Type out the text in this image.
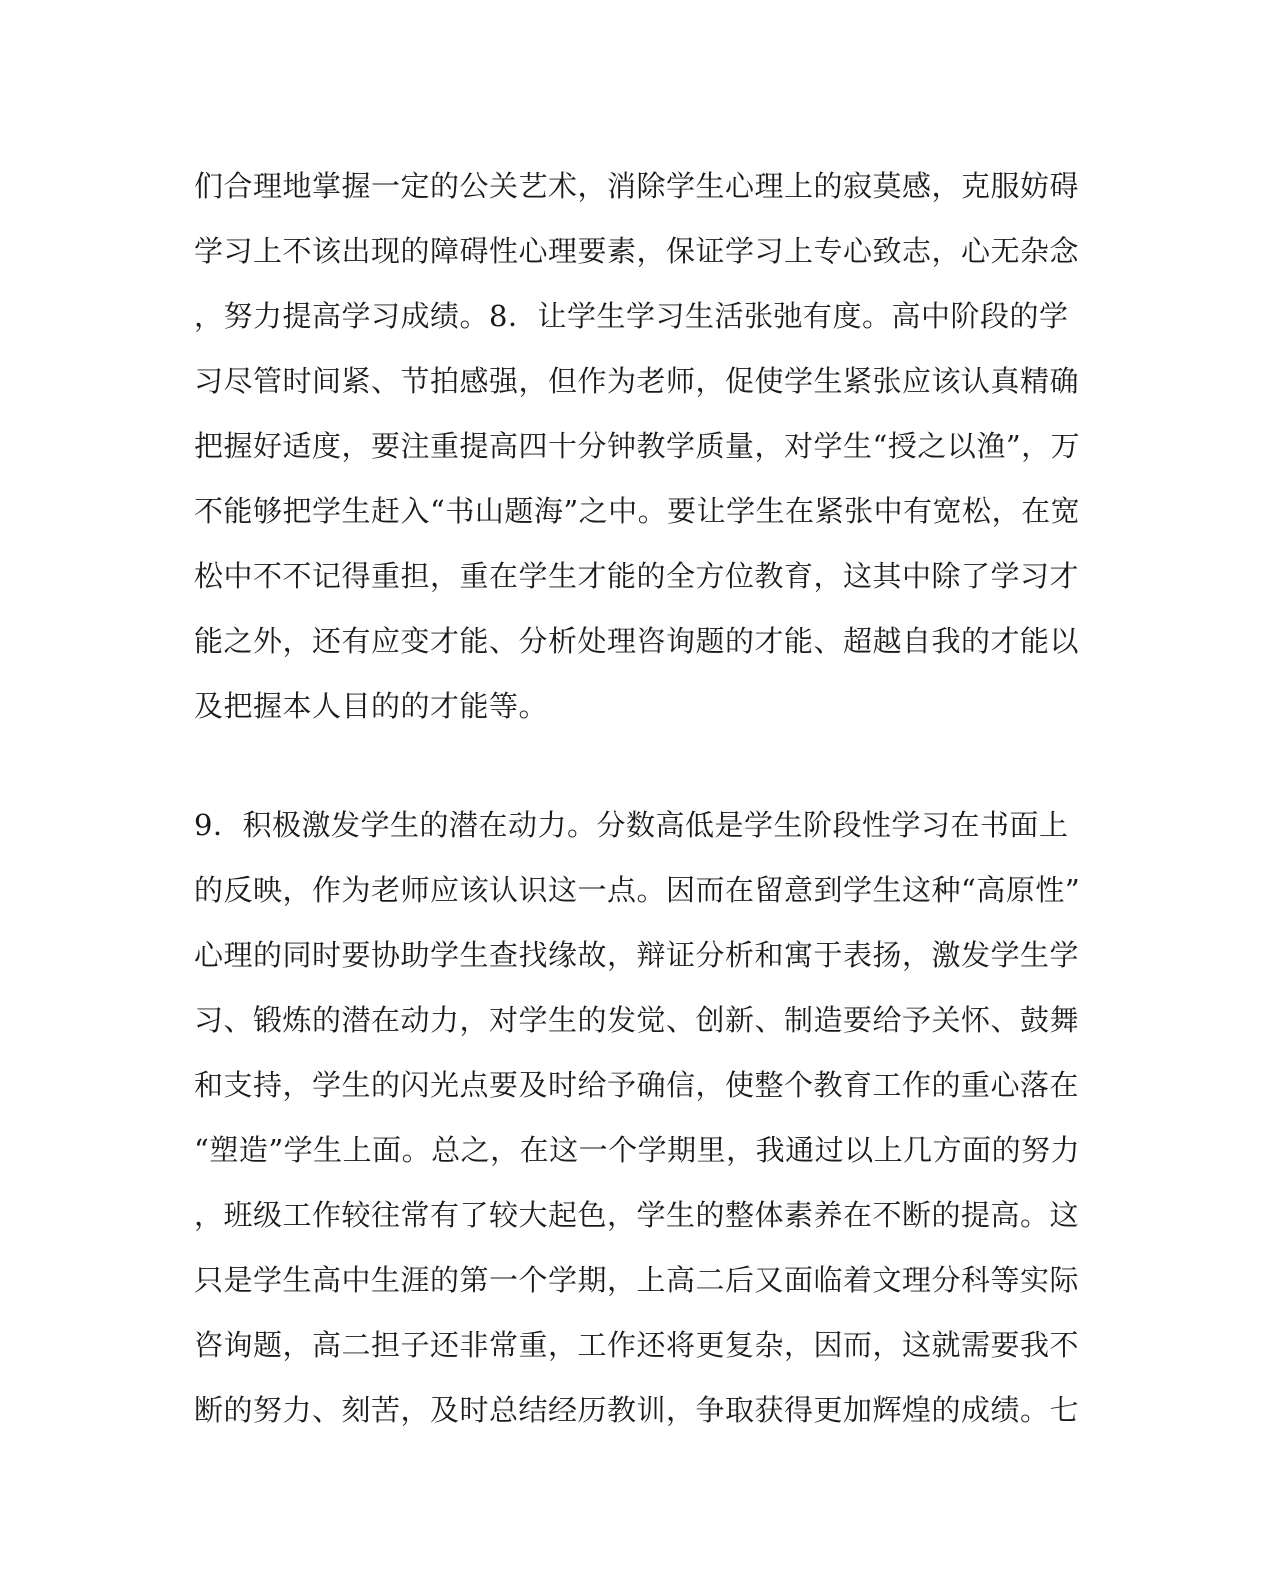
们合理地掌握一定的公关艺术，消除学生心理上的寂莫感，克服妨碍
学习上不该出现的障碍性心理要素，保证学习上专心致志，心无杂念
，努力提高学习成绩。8．让学生学习生活张弛有度。高中阶段的学
习尽管时间紧、节拍感强，但作为老师，促使学生紧张应该认真精确
把握好适度，要注重提高四十分钟教学质量，对学生“授之以渔”，万
不能够把学生赶入“书山题海”之中。要让学生在紧张中有宽松，在宽
松中不不记得重担，重在学生才能的全方位教育，这其中除了学习才
能之外，还有应变才能、分析处理咨询题的才能、超越自我的才能以
及把握本人目的的才能等。
9．积极激发学生的潜在动力。分数高低是学生阶段性学习在书面上
的反映，作为老师应该认识这一点。因而在留意到学生这种“高原性”
心理的同时要协助学生查找缘故，辩证分析和寓于表扬，激发学生学
习、锻炼的潜在动力，对学生的发觉、创新、制造要给予关怀、鼓舞
和支持，学生的闪光点要及时给予确信，使整个教育工作的重心落在
“塑造”学生上面。总之，在这一个学期里，我通过以上几方面的努力
，班级工作较往常有了较大起色，学生的整体素养在不断的提高。这
只是学生高中生涯的第一个学期，上高二后又面临着文理分科等实际
咨询题，高二担子还非常重，工作还将更复杂，因而，这就需要我不
断的努力、刻苦，及时总结经历教训，争取获得更加辉煌的成绩。七
